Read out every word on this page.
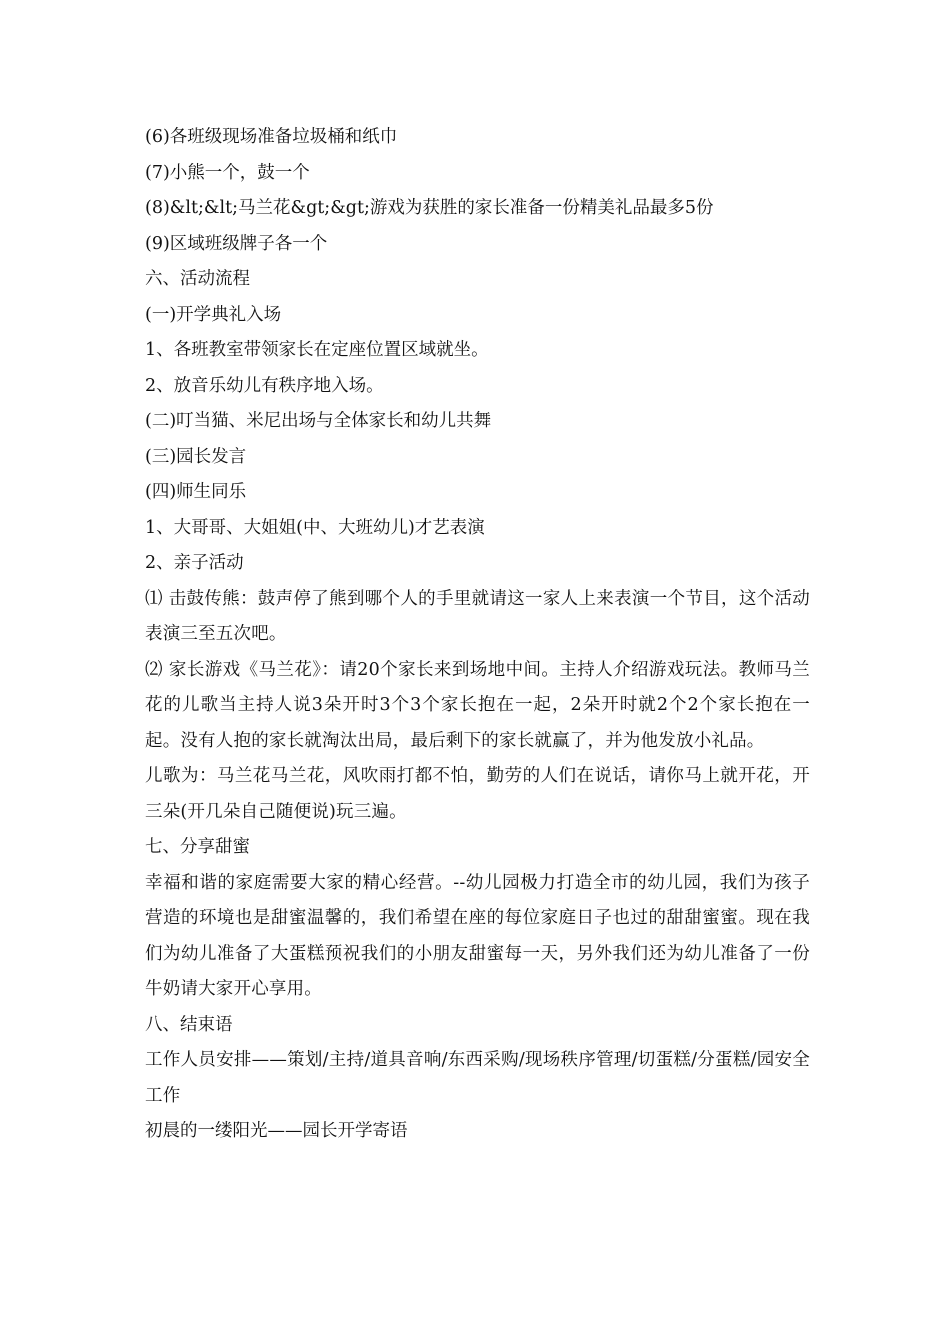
(6)各班级现场准备垃圾桶和纸巾

(7)小熊一个，鼓一个

(8)&lt;&lt;马兰花&gt;&gt;游戏为获胜的家长准备一份精美礼品最多5份

(9)区域班级牌子各一个

六、活动流程

(一)开学典礼入场

1、各班教室带领家长在定座位置区域就坐。

2、放音乐幼儿有秩序地入场。

(二)叮当猫、米尼出场与全体家长和幼儿共舞

(三)园长发言

(四)师生同乐

1、大哥哥、大姐姐(中、大班幼儿)才艺表演

2、亲子活动

⑴ 击鼓传熊：鼓声停了熊到哪个人的手里就请这一家人上来表演一个节目，这个活动表演三至五次吧。

⑵ 家长游戏《马兰花》：请20个家长来到场地中间。主持人介绍游戏玩法。教师马兰花的儿歌当主持人说3朵开时3个3个家长抱在一起，2朵开时就2个2个家长抱在一起。没有人抱的家长就淘汰出局，最后剩下的家长就赢了，并为他发放小礼品。

儿歌为：马兰花马兰花，风吹雨打都不怕，勤劳的人们在说话，请你马上就开花，开三朵(开几朵自己随便说)玩三遍。

七、分享甜蜜

幸福和谐的家庭需要大家的精心经营。--幼儿园极力打造全市的幼儿园，我们为孩子营造的环境也是甜蜜温馨的，我们希望在座的每位家庭日子也过的甜甜蜜蜜。现在我们为幼儿准备了大蛋糕预祝我们的小朋友甜蜜每一天，另外我们还为幼儿准备了一份牛奶请大家开心享用。

八、结束语

工作人员安排——策划/主持/道具音响/东西采购/现场秩序管理/切蛋糕/分蛋糕/园安全工作

初晨的一缕阳光——园长开学寄语
